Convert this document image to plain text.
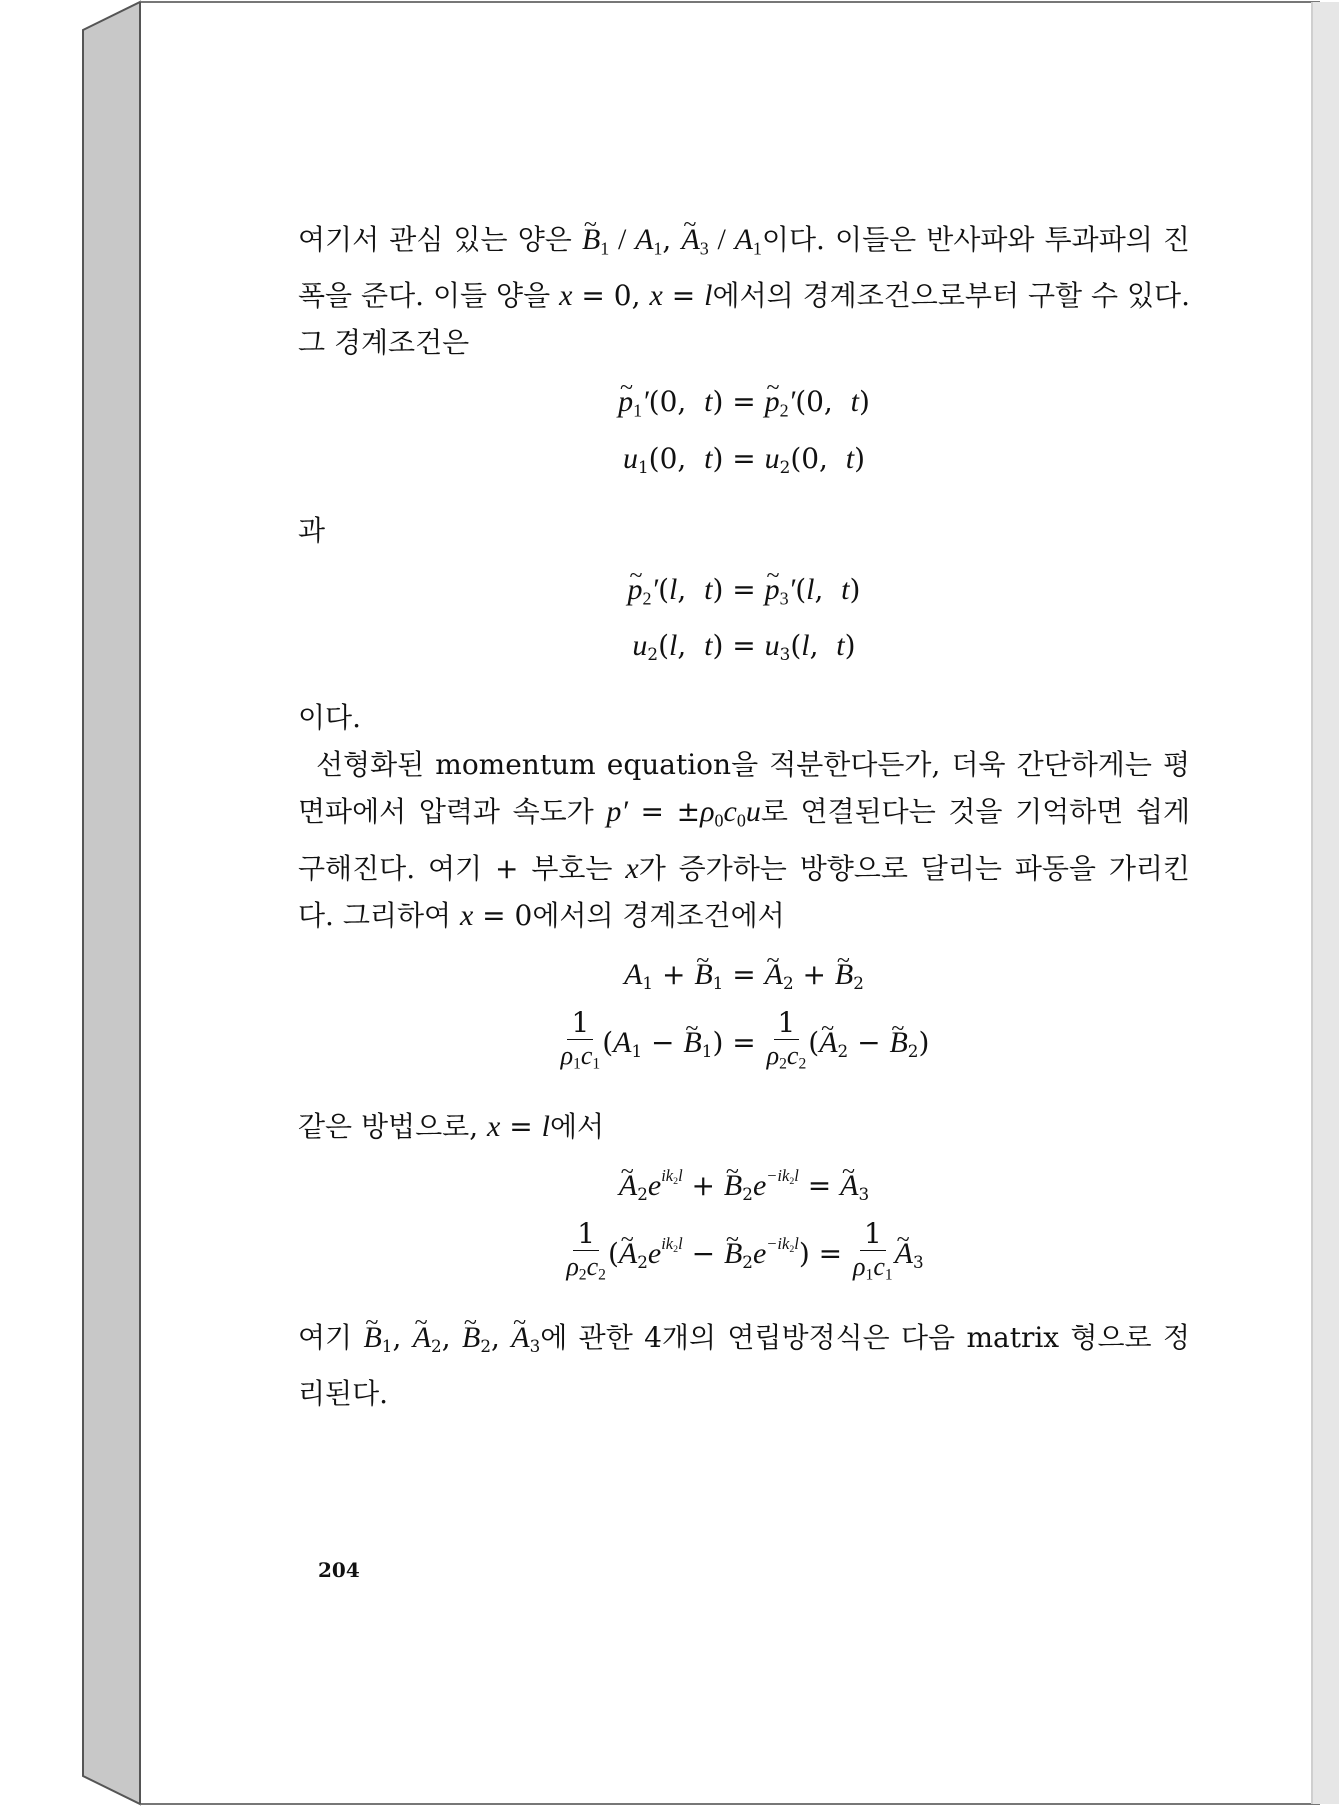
여기서 관심 있는 양은 ~ $B_1 / A_1$, ~ $A_3 / A_1$이다. 이들은 반사파와 투과파의 진폭을 준다. 이들 양을 x = 0, x = l에서의 경계조건으로부터 구할 수 있다. 그 경계조건은

~ $p_1'(0$,  t) = ~ $p_2'(0$,  t)
$u_1(0$,  $t) = u_2(0$,  t)

과

~ $p_2'(l$,  t) = ~ $p_3'(l$,  t)
$u_2(l$,  $t) = u_3(l$,  t)

이다.

선형화된 momentum equation을 적분한다든가, 더욱 간단하게는 평면파에서 압력과 속도가 $p' = \pm\rho_0c_0u$로 연결된다는 것을 기억하면 쉽게 구해진다. 여기 + 부호는 x가 증가하는 방향으로 달리는 파동을 가리킨다. 그리하여 x = 0에서의 경계조건에서

$A_1$ + ~ $B_1$ = ~ $A_2$ + ~ $B_2$
$\frac{1}{\rho_1c_1} (A_1$ − ~ $B_1) = \frac{1}{\rho_2c_2}$ (~ $A_2$ − ~ $B_2$)

같은 방법으로, x = l에서

~ $A_2e^{ik_2l}$ + ~ $B_2e^{-ik_2l}$ = ~ $A_3$
$\frac{1}{\rho_2c_2}$ (~ $A_2e^{ik_2l}$ − ~ $B_2e^{-ik_2l}) = \frac{1}{\rho_1c_1}$
~ $A_3$

여기 ~ $B_1$, ~ $A_2$, ~ $B_2$, ~ $A_3$에 관한 4개의 연립방정식은 다음 matrix 형으로 정리된다.

204
